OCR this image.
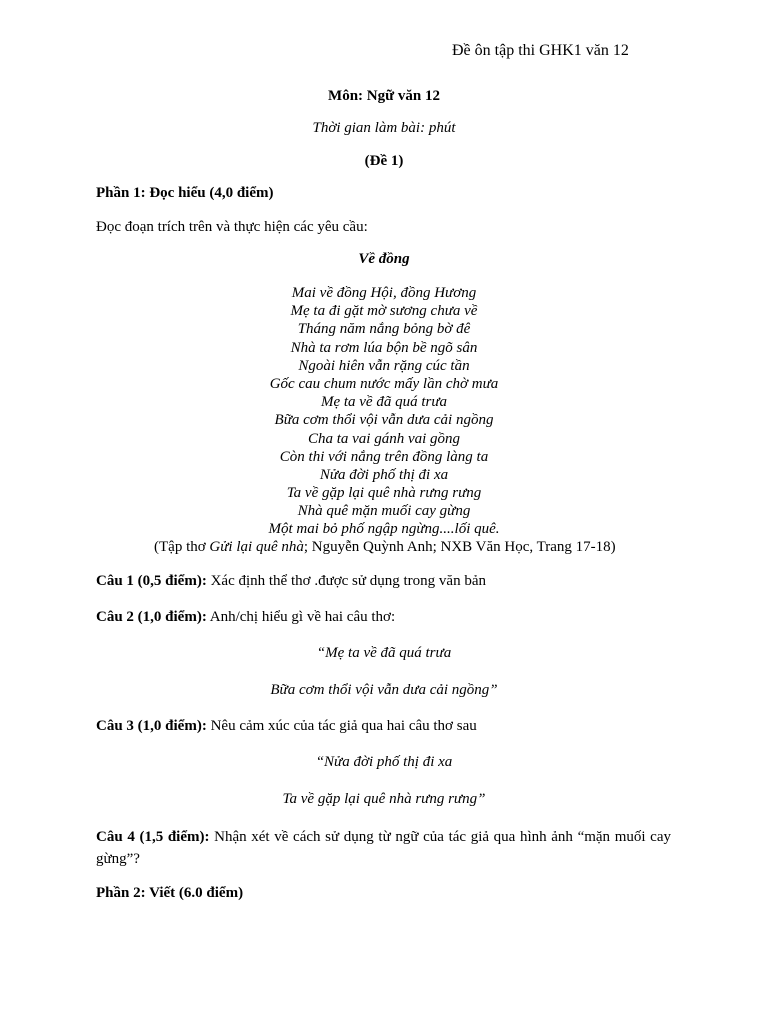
Đề ôn tập thi GHK1 văn 12
Môn: Ngữ văn 12
Thời gian làm bài: phút
(Đề 1)
Phần 1: Đọc hiểu (4,0 điểm)
Đọc đoạn trích trên và thực hiện các yêu cầu:
Về đồng
Mai về đồng Hội, đồng Hương
Mẹ ta đi gặt mờ sương chưa về
Tháng năm nắng bỏng bờ đê
Nhà ta rơm lúa bộn bề ngõ sân
Ngoài hiên vẫn rặng cúc tần
Gốc cau chum nước mấy lần chờ mưa
Mẹ ta về đã quá trưa
Bữa cơm thổi vội vẫn dưa cải ngồng
Cha ta vai gánh vai gồng
Còn thi với nắng trên đồng làng ta
Nửa đời phố thị đi xa
Ta về gặp lại quê nhà rưng rưng
Nhà quê mặn muối cay gừng
Một mai bỏ phố ngập ngừng....lối quê.
(Tập thơ Gửi lại quê nhà; Nguyễn Quỳnh Anh; NXB Văn Học, Trang 17-18)
Câu 1 (0,5 điểm): Xác định thể thơ .được sử dụng trong văn bản
Câu 2 (1,0 điểm): Anh/chị hiểu gì về hai câu thơ:
“Mẹ ta về đã quá trưa
Bữa cơm thổi vội vẫn dưa cải ngồng”
Câu 3 (1,0 điểm): Nêu cảm xúc của tác giả qua hai câu thơ sau
“Nửa đời phố thị đi xa
Ta về gặp lại quê nhà rưng rưng”
Câu 4 (1,5 điểm): Nhận xét về cách sử dụng từ ngữ của tác giả qua hình ảnh “mặn muối cay gừng”?
Phần 2: Viết (6.0 điểm)
